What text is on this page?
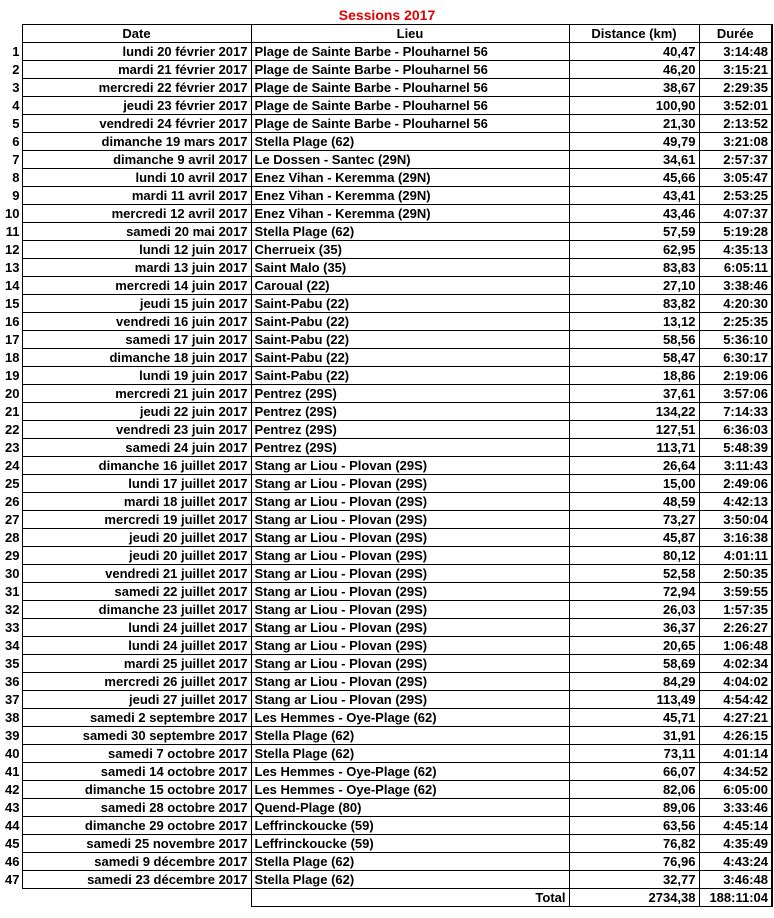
Sessions 2017
	Date	Lieu	Distance (km)	Durée
1	lundi 20 février 2017	Plage de Sainte Barbe - Plouharnel 56	40,47	3:14:48
2	mardi 21 février 2017	Plage de Sainte Barbe - Plouharnel 56	46,20	3:15:21
3	mercredi 22 février 2017	Plage de Sainte Barbe - Plouharnel 56	38,67	2:29:35
4	jeudi 23 février 2017	Plage de Sainte Barbe - Plouharnel 56	100,90	3:52:01
5	vendredi 24 février 2017	Plage de Sainte Barbe - Plouharnel 56	21,30	2:13:52
6	dimanche 19 mars 2017	Stella Plage (62)	49,79	3:21:08
7	dimanche 9 avril 2017	Le Dossen - Santec (29N)	34,61	2:57:37
8	lundi 10 avril 2017	Enez Vihan - Keremma (29N)	45,66	3:05:47
9	mardi 11 avril 2017	Enez Vihan - Keremma (29N)	43,41	2:53:25
10	mercredi 12 avril 2017	Enez Vihan - Keremma (29N)	43,46	4:07:37
11	samedi 20 mai 2017	Stella Plage (62)	57,59	5:19:28
12	lundi 12 juin 2017	Cherrueix (35)	62,95	4:35:13
13	mardi 13 juin 2017	Saint Malo (35)	83,83	6:05:11
14	mercredi 14 juin 2017	Caroual (22)	27,10	3:38:46
15	jeudi 15 juin 2017	Saint-Pabu (22)	83,82	4:20:30
16	vendredi 16 juin 2017	Saint-Pabu (22)	13,12	2:25:35
17	samedi 17 juin 2017	Saint-Pabu (22)	58,56	5:36:10
18	dimanche 18 juin 2017	Saint-Pabu (22)	58,47	6:30:17
19	lundi 19 juin 2017	Saint-Pabu (22)	18,86	2:19:06
20	mercredi 21 juin 2017	Pentrez (29S)	37,61	3:57:06
21	jeudi 22 juin 2017	Pentrez (29S)	134,22	7:14:33
22	vendredi 23 juin 2017	Pentrez (29S)	127,51	6:36:03
23	samedi 24 juin 2017	Pentrez (29S)	113,71	5:48:39
24	dimanche 16 juillet 2017	Stang ar Liou - Plovan (29S)	26,64	3:11:43
25	lundi 17 juillet 2017	Stang ar Liou - Plovan (29S)	15,00	2:49:06
26	mardi 18 juillet 2017	Stang ar Liou - Plovan (29S)	48,59	4:42:13
27	mercredi 19 juillet 2017	Stang ar Liou - Plovan (29S)	73,27	3:50:04
28	jeudi 20 juillet 2017	Stang ar Liou - Plovan (29S)	45,87	3:16:38
29	jeudi 20 juillet 2017	Stang ar Liou - Plovan (29S)	80,12	4:01:11
30	vendredi 21 juillet 2017	Stang ar Liou - Plovan (29S)	52,58	2:50:35
31	samedi 22 juillet 2017	Stang ar Liou - Plovan (29S)	72,94	3:59:55
32	dimanche 23 juillet 2017	Stang ar Liou - Plovan (29S)	26,03	1:57:35
33	lundi 24 juillet 2017	Stang ar Liou - Plovan (29S)	36,37	2:26:27
34	lundi 24 juillet 2017	Stang ar Liou - Plovan (29S)	20,65	1:06:48
35	mardi 25 juillet 2017	Stang ar Liou - Plovan (29S)	58,69	4:02:34
36	mercredi 26 juillet 2017	Stang ar Liou - Plovan (29S)	84,29	4:04:02
37	jeudi 27 juillet 2017	Stang ar Liou - Plovan (29S)	113,49	4:54:42
38	samedi 2 septembre 2017	Les Hemmes - Oye-Plage (62)	45,71	4:27:21
39	samedi 30 septembre 2017	Stella Plage (62)	31,91	4:26:15
40	samedi 7 octobre 2017	Stella Plage (62)	73,11	4:01:14
41	samedi 14 octobre 2017	Les Hemmes - Oye-Plage (62)	66,07	4:34:52
42	dimanche 15 octobre 2017	Les Hemmes - Oye-Plage (62)	82,06	6:05:00
43	samedi 28 octobre 2017	Quend-Plage (80)	89,06	3:33:46
44	dimanche 29 octobre 2017	Leffrinckoucke (59)	63,56	4:45:14
45	samedi 25 novembre 2017	Leffrinckoucke (59)	76,82	4:35:49
46	samedi 9 décembre 2017	Stella Plage (62)	76,96	4:43:24
47	samedi 23 décembre 2017	Stella Plage (62)	32,77	3:46:48
		Total	2734,38	188:11:04
